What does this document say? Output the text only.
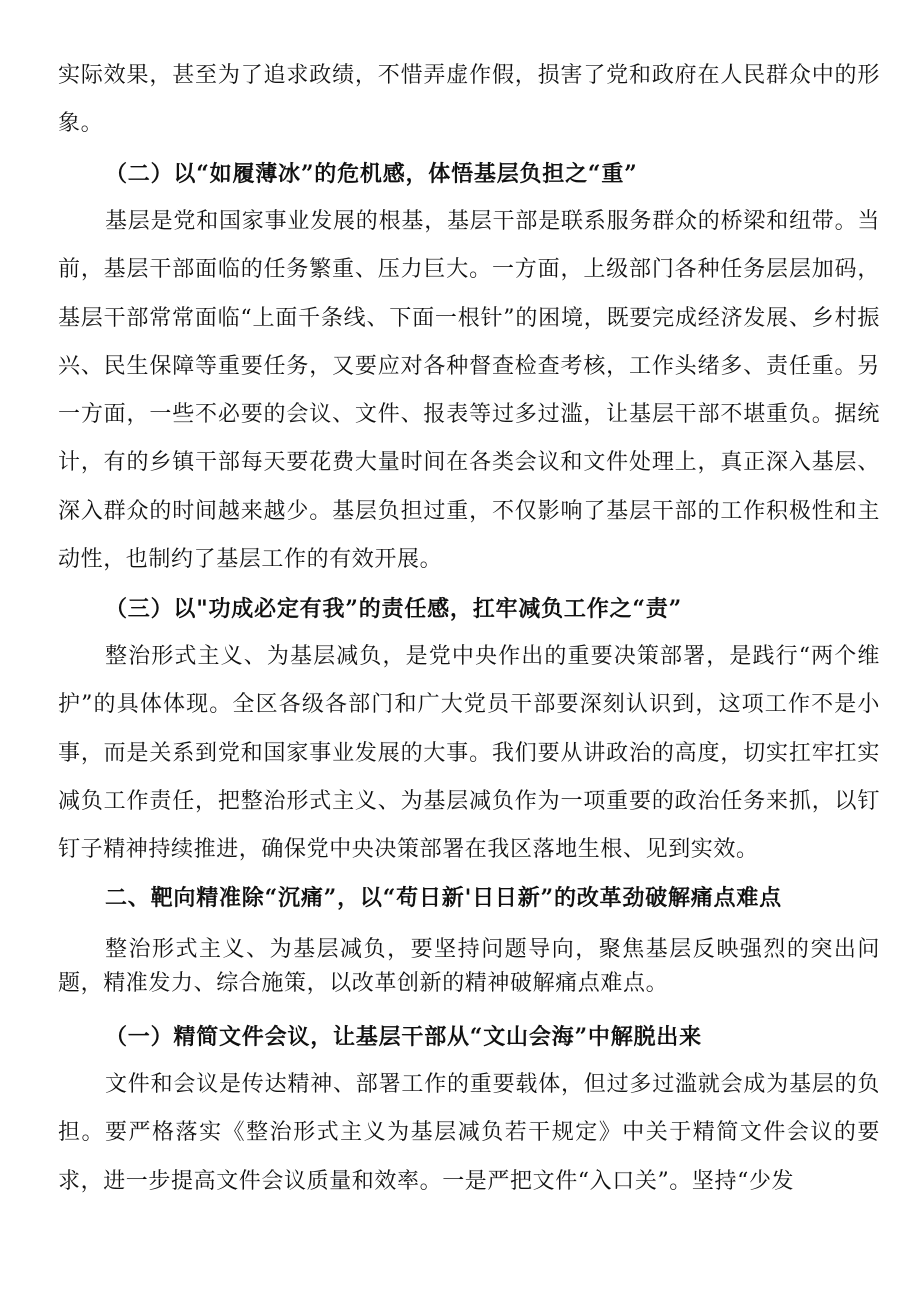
实际效果，甚至为了追求政绩，不惜弄虚作假，损害了党和政府在人民群众中的形象。

（二）以“如履薄冰”的危机感，体悟基层负担之“重”

基层是党和国家事业发展的根基，基层干部是联系服务群众的桥梁和纽带。当前，基层干部面临的任务繁重、压力巨大。一方面，上级部门各种任务层层加码，基层干部常常面临“上面千条线、下面一根针”的困境，既要完成经济发展、乡村振兴、民生保障等重要任务，又要应对各种督查检查考核，工作头绪多、责任重。另一方面，一些不必要的会议、文件、报表等过多过滥，让基层干部不堪重负。据统计，有的乡镇干部每天要花费大量时间在各类会议和文件处理上，真正深入基层、深入群众的时间越来越少。基层负担过重，不仅影响了基层干部的工作积极性和主动性，也制约了基层工作的有效开展。

（三）以"功成必定有我”的责任感，扛牢减负工作之“责”

整治形式主义、为基层减负，是党中央作出的重要决策部署，是践行“两个维护”的具体体现。全区各级各部门和广大党员干部要深刻认识到，这项工作不是小事，而是关系到党和国家事业发展的大事。我们要从讲政治的高度，切实扛牢扛实减负工作责任，把整治形式主义、为基层减负作为一项重要的政治任务来抓，以钉钉子精神持续推进，确保党中央决策部署在我区落地生根、见到实效。

二、靶向精准除“沉痛”，以“苟日新'日日新”的改革劲破解痛点难点

整治形式主义、为基层减负，要坚持问题导向，聚焦基层反映强烈的突出问题，精准发力、综合施策，以改革创新的精神破解痛点难点。

（一）精简文件会议，让基层干部从“文山会海”中解脱出来

文件和会议是传达精神、部署工作的重要载体，但过多过滥就会成为基层的负担。要严格落实《整治形式主义为基层减负若干规定》中关于精简文件会议的要求，进一步提高文件会议质量和效率。一是严把文件“入口关”。坚持“少发
